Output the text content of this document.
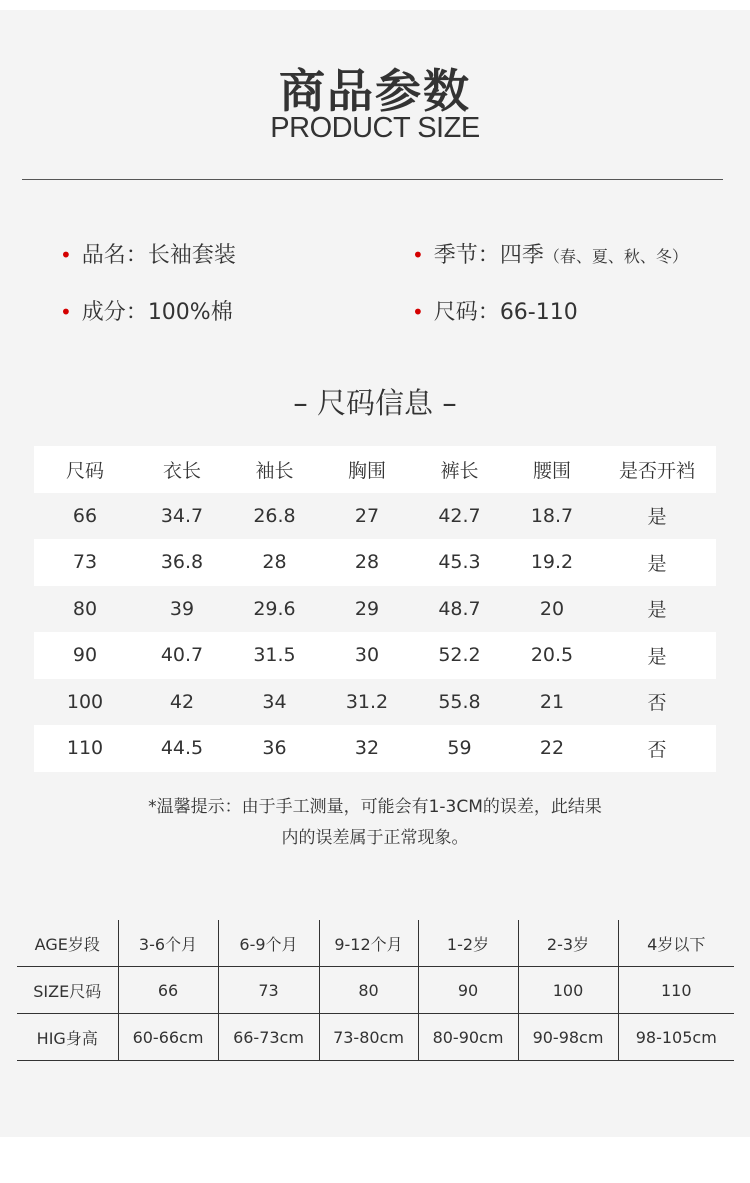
商品参数
PRODUCT SIZE
• 品名：长袖套装	• 季节：四季（春、夏、秋、冬）
• 成分：100%棉	• 尺码：66-110
– 尺码信息 –
尺码	衣长	袖长	胸围	裤长	腰围	是否开裆
66	34.7	26.8	27	42.7	18.7	是
73	36.8	28	28	45.3	19.2	是
80	39	29.6	29	48.7	20	是
90	40.7	31.5	30	52.2	20.5	是
100	42	34	31.2	55.8	21	否
110	44.5	36	32	59	22	否
*温馨提示：由于手工测量，可能会有1-3CM的误差，此结果
内的误差属于正常现象。
AGE岁段	3-6个月	6-9个月	9-12个月	1-2岁	2-3岁	4岁以下
SIZE尺码	66	73	80	90	100	110
HIG身高	60-66cm	66-73cm	73-80cm	80-90cm	90-98cm	98-105cm
